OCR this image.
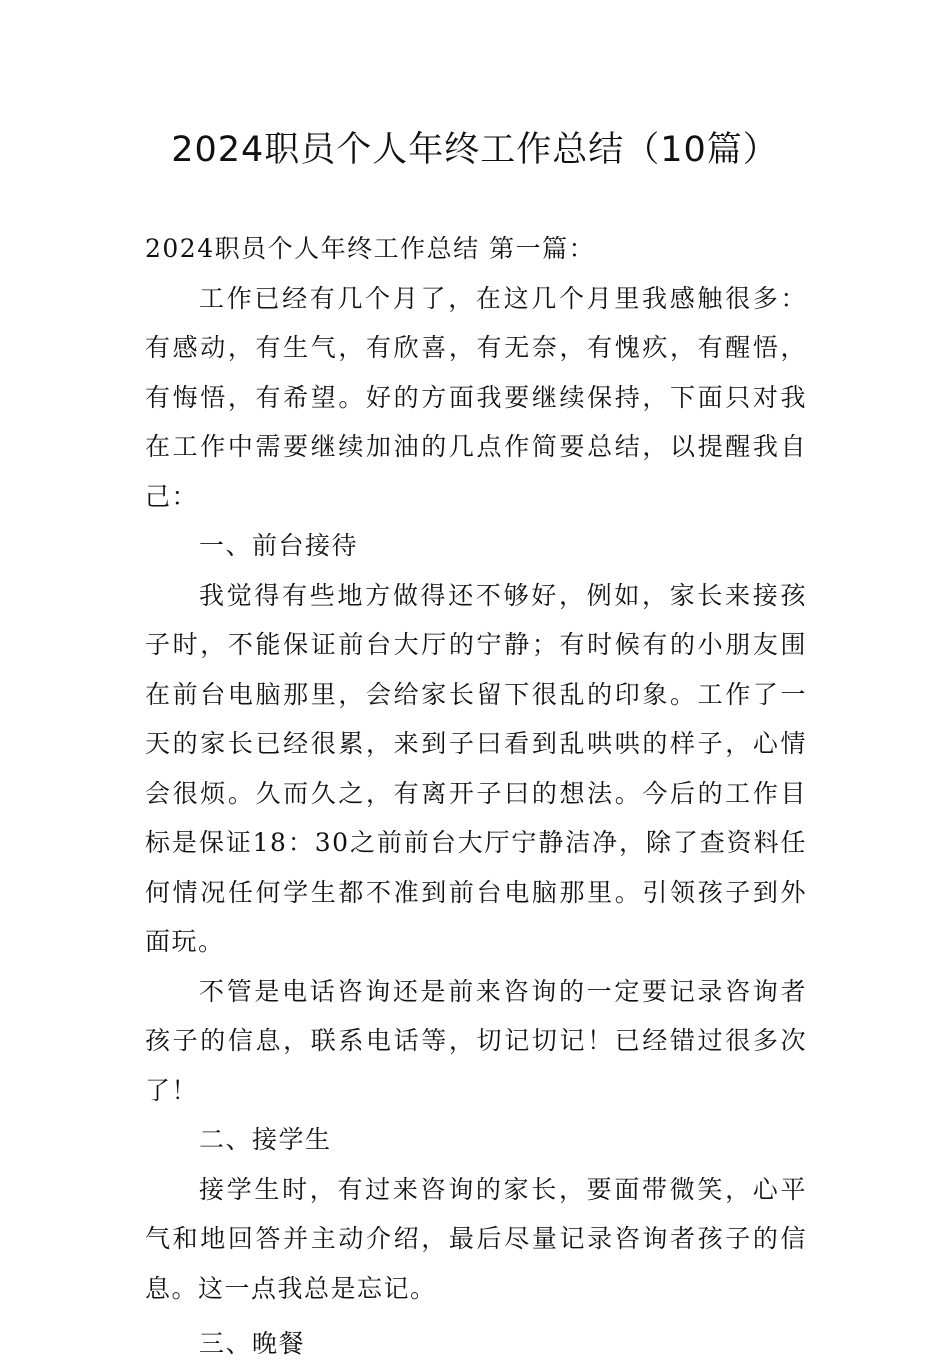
2024职员个人年终工作总结（10篇）

2024职员个人年终工作总结 第一篇：

工作已经有几个月了，在这几个月里我感触很多：有感动，有生气，有欣喜，有无奈，有愧疚，有醒悟，有悔悟，有希望。好的方面我要继续保持，下面只对我在工作中需要继续加油的几点作简要总结，以提醒我自己：

一、前台接待

我觉得有些地方做得还不够好，例如，家长来接孩子时，不能保证前台大厅的宁静；有时候有的小朋友围在前台电脑那里，会给家长留下很乱的印象。工作了一天的家长已经很累，来到子曰看到乱哄哄的样子，心情会很烦。久而久之，有离开子曰的想法。今后的工作目标是保证18：30之前前台大厅宁静洁净，除了查资料任何情况任何学生都不准到前台电脑那里。引领孩子到外面玩。

不管是电话咨询还是前来咨询的一定要记录咨询者孩子的信息，联系电话等，切记切记！已经错过很多次了！

二、接学生

接学生时，有过来咨询的家长，要面带微笑，心平气和地回答并主动介绍，最后尽量记录咨询者孩子的信息。这一点我总是忘记。

三、晚餐
